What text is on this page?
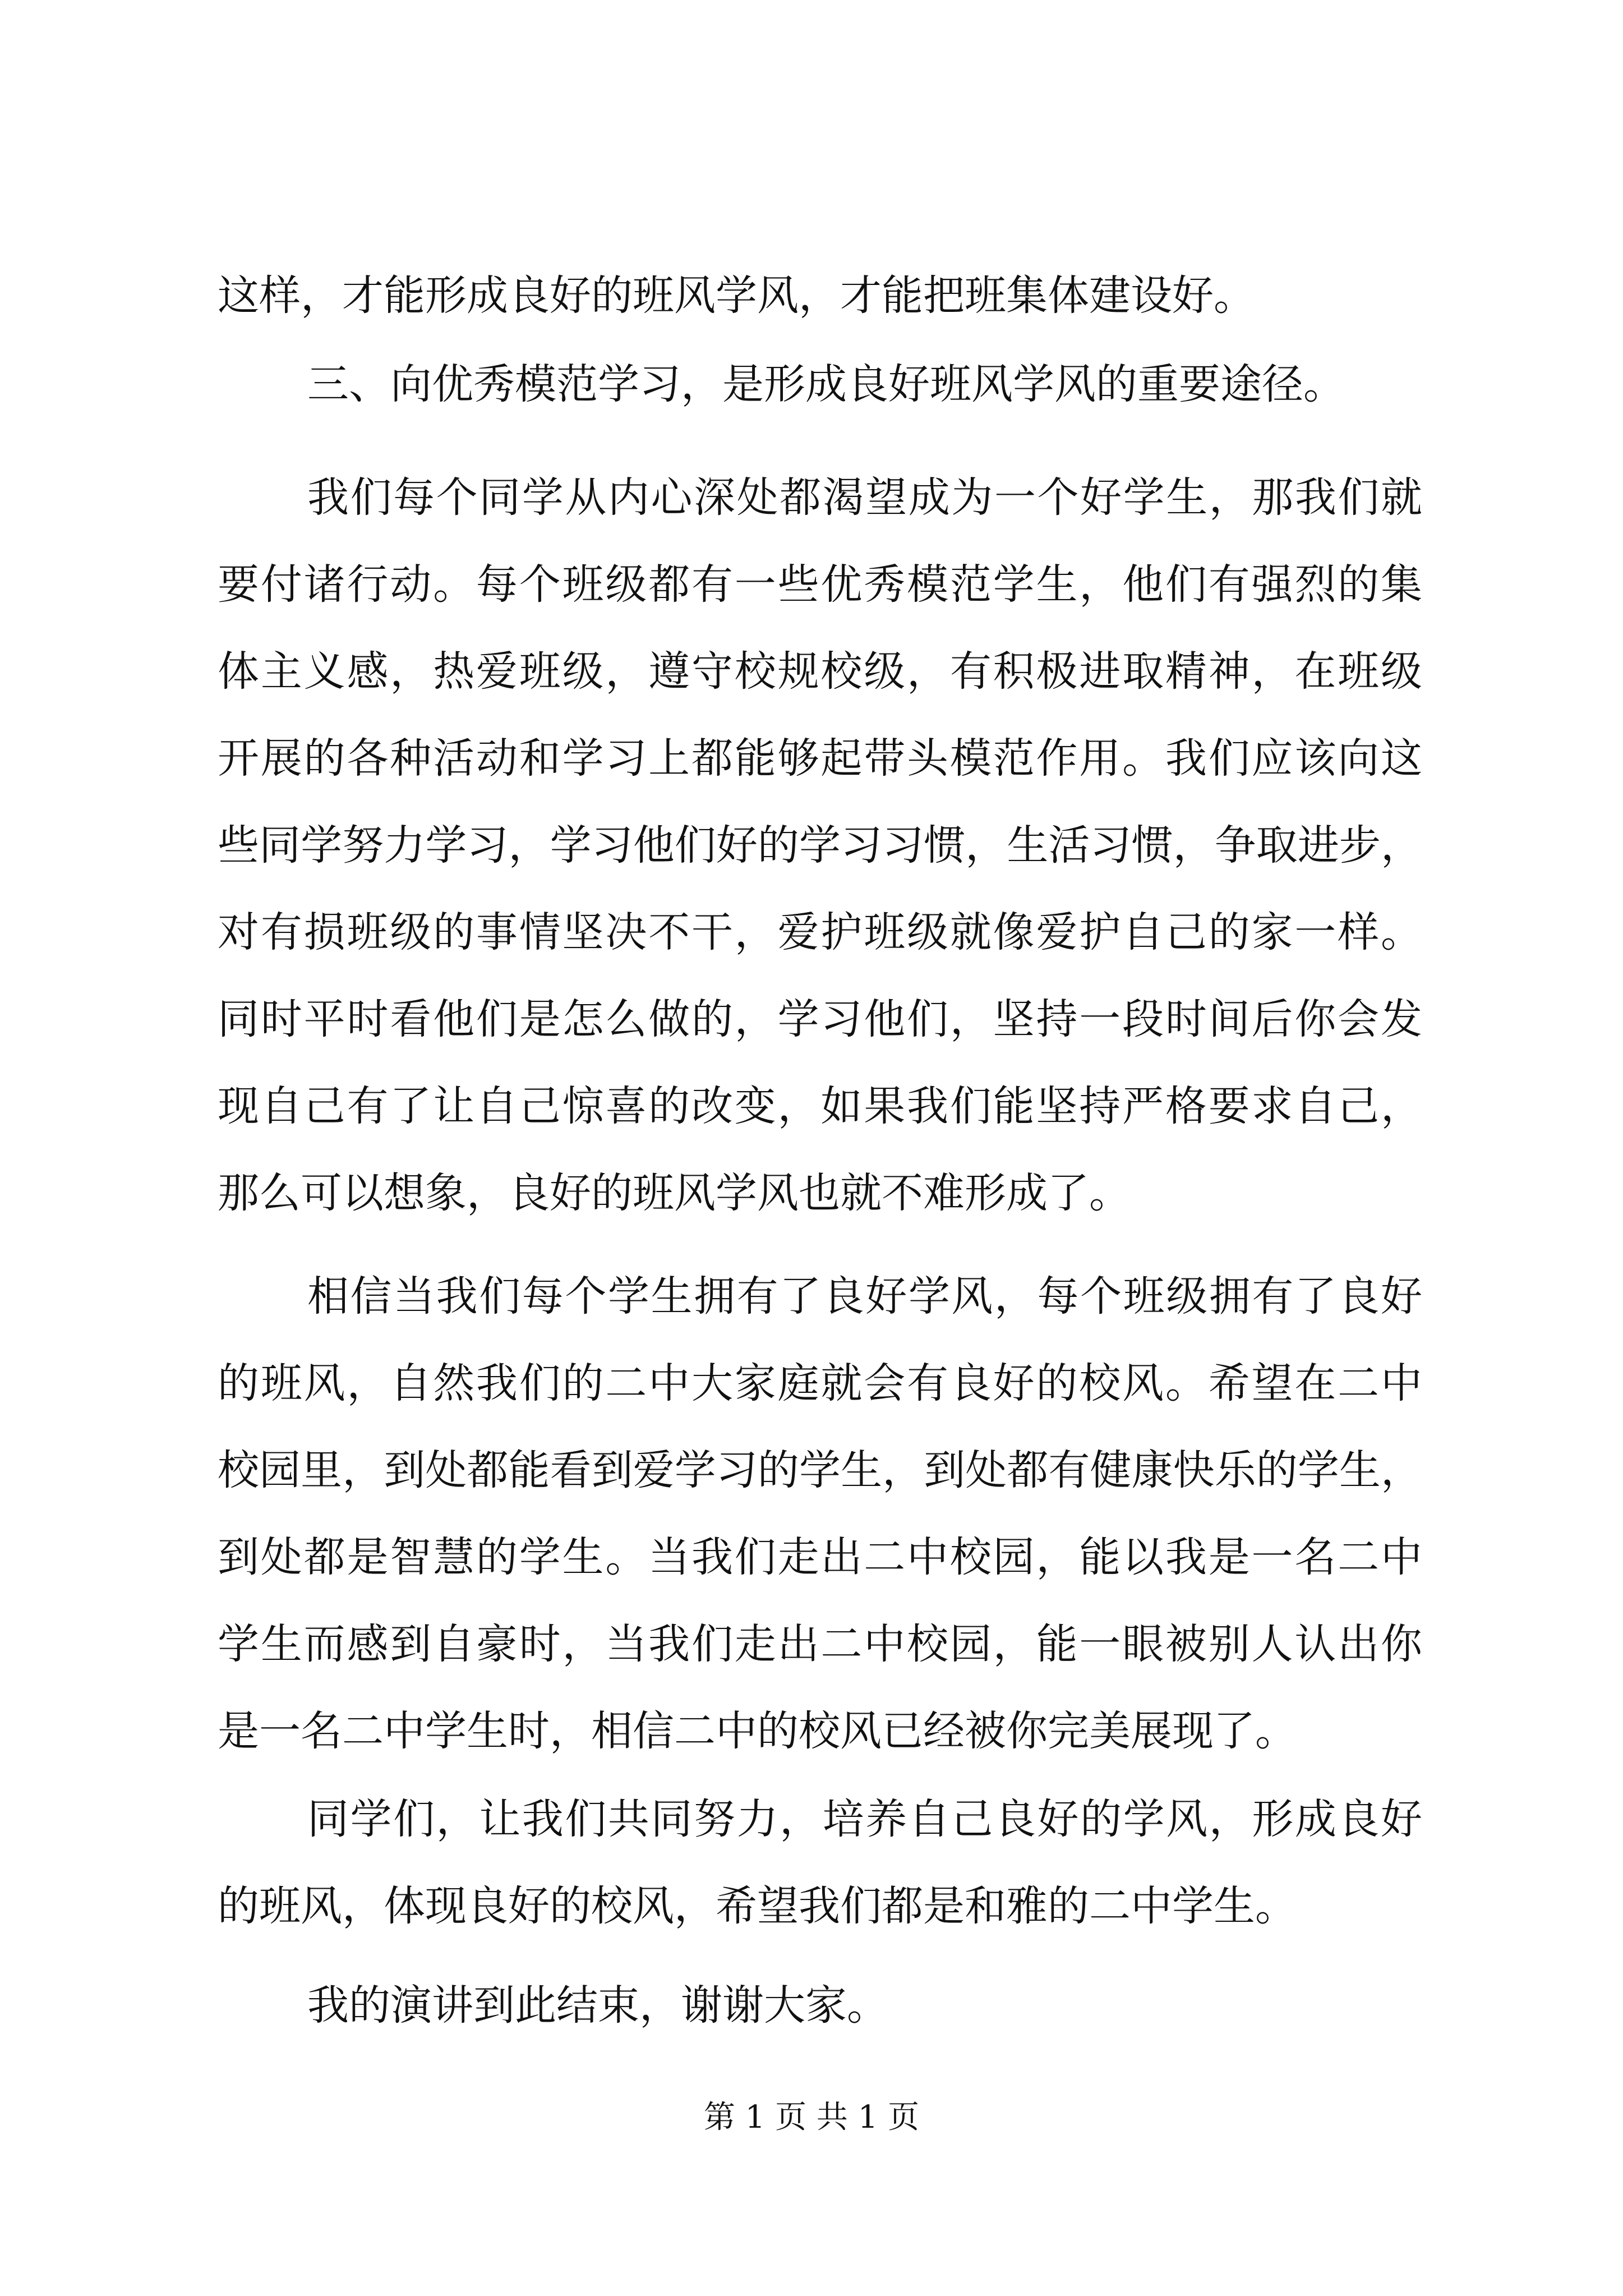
这样，才能形成良好的班风学风，才能把班集体建设好。
三、向优秀模范学习，是形成良好班风学风的重要途径。
我们每个同学从内心深处都渴望成为一个好学生，那我们就
要付诸行动。每个班级都有一些优秀模范学生，他们有强烈的集
体主义感，热爱班级，遵守校规校级，有积极进取精神，在班级
开展的各种活动和学习上都能够起带头模范作用。我们应该向这
些同学努力学习，学习他们好的学习习惯，生活习惯，争取进步，
对有损班级的事情坚决不干，爱护班级就像爱护自己的家一样。
同时平时看他们是怎么做的，学习他们，坚持一段时间后你会发
现自己有了让自己惊喜的改变，如果我们能坚持严格要求自己，
那么可以想象，良好的班风学风也就不难形成了。
相信当我们每个学生拥有了良好学风，每个班级拥有了良好
的班风，自然我们的二中大家庭就会有良好的校风。希望在二中
校园里，到处都能看到爱学习的学生，到处都有健康快乐的学生，
到处都是智慧的学生。当我们走出二中校园，能以我是一名二中
学生而感到自豪时，当我们走出二中校园，能一眼被别人认出你
是一名二中学生时，相信二中的校风已经被你完美展现了。
同学们，让我们共同努力，培养自己良好的学风，形成良好
的班风，体现良好的校风，希望我们都是和雅的二中学生。
我的演讲到此结束，谢谢大家。
第 1 页 共 1 页
